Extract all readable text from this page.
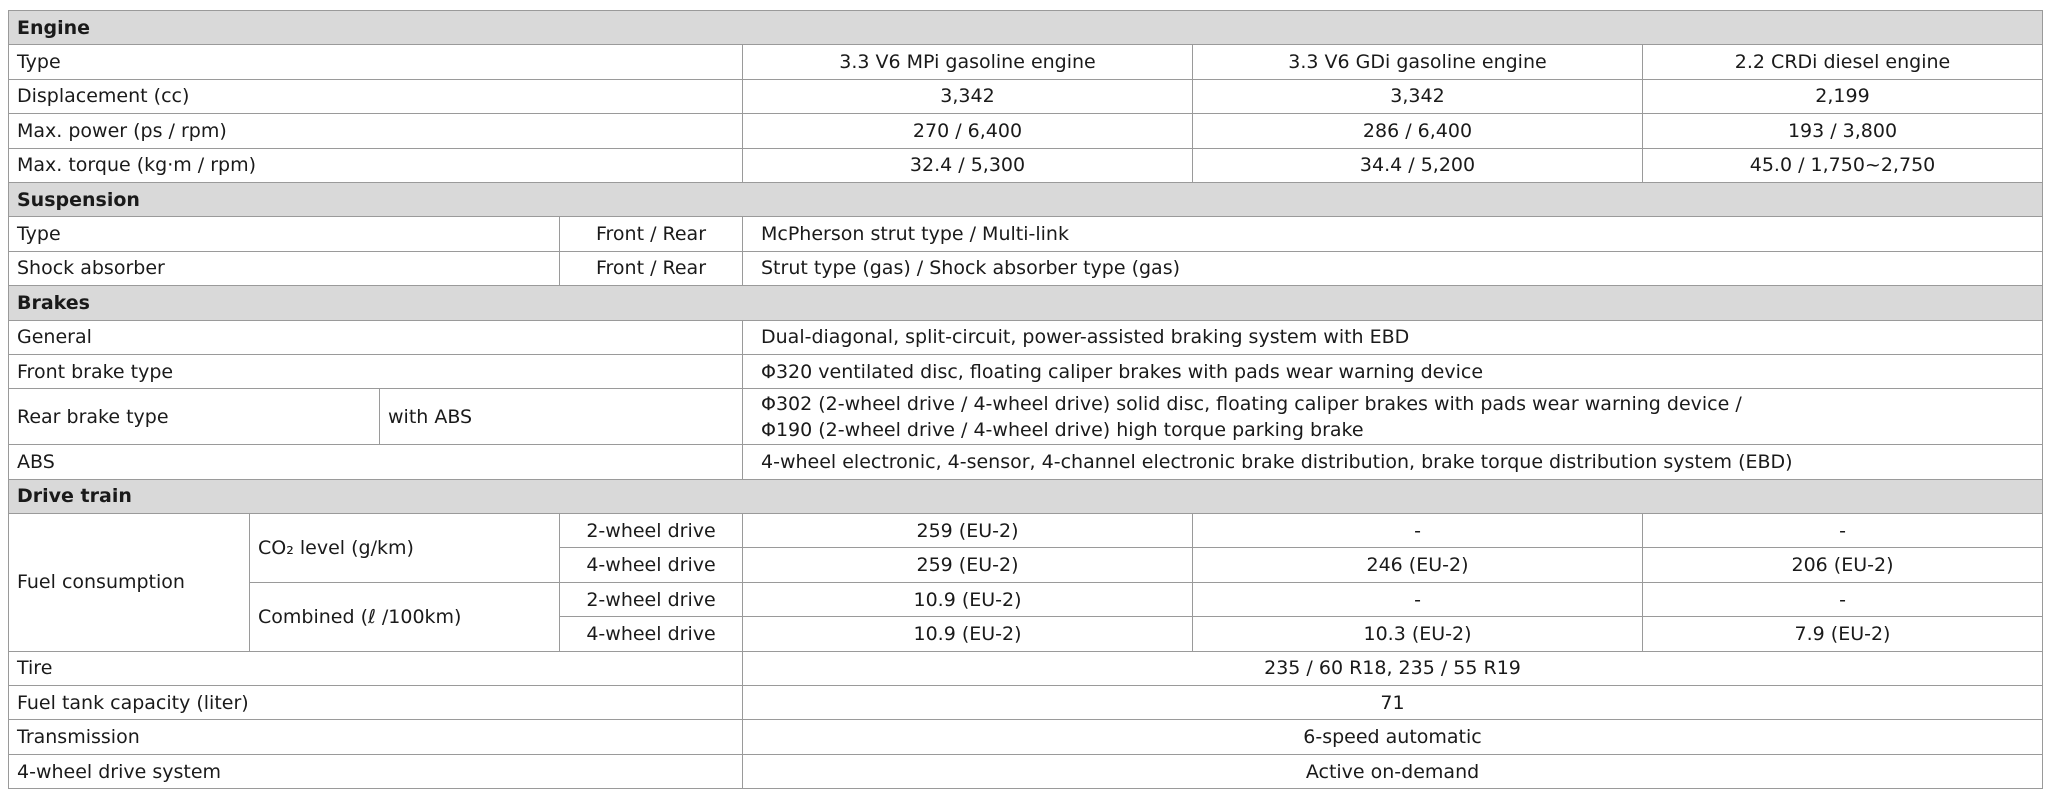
Engine						
Type				3.3 V6 MPi gasoline engine	3.3 V6 GDi gasoline engine	2.2 CRDi diesel engine
Displacement (cc)				3,342	3,342	2,199
Max. power (ps / rpm)				270 / 6,400	286 / 6,400	193 / 3,800
Max. torque (kg·m / rpm)				32.4 / 5,300	34.4 / 5,200	45.0 / 1,750~2,750
Suspension						
Type			Front / Rear	McPherson strut type / Multi-link		
Shock absorber			Front / Rear	Strut type (gas) / Shock absorber type (gas)		
Brakes						
General				Dual-diagonal, split-circuit, power-assisted braking system with EBD		
Front brake type				Φ320 ventilated disc, floating caliper brakes with pads wear warning device		
Rear brake type		with ABS		Φ302 (2-wheel drive / 4-wheel drive) solid disc, floating caliper brakes with pads wear warning device /
Φ190 (2-wheel drive / 4-wheel drive) high torque parking brake		

ABS				4-wheel electronic, 4-sensor, 4-channel electronic brake distribution, brake torque distribution system (EBD)		
Drive train						
Fuel consumption	CO₂ level (g/km)		2-wheel drive	259 (EU-2)	-	-
			4-wheel drive	259 (EU-2)	246 (EU-2)	206 (EU-2)
	Combined (ℓ /100km)		2-wheel drive	10.9 (EU-2)	-	-
			4-wheel drive	10.9 (EU-2)	10.3 (EU-2)	7.9 (EU-2)
Tire				235 / 60 R18, 235 / 55 R19		
Fuel tank capacity (liter)				71		
Transmission				6-speed automatic		
4-wheel drive system				Active on-demand		
